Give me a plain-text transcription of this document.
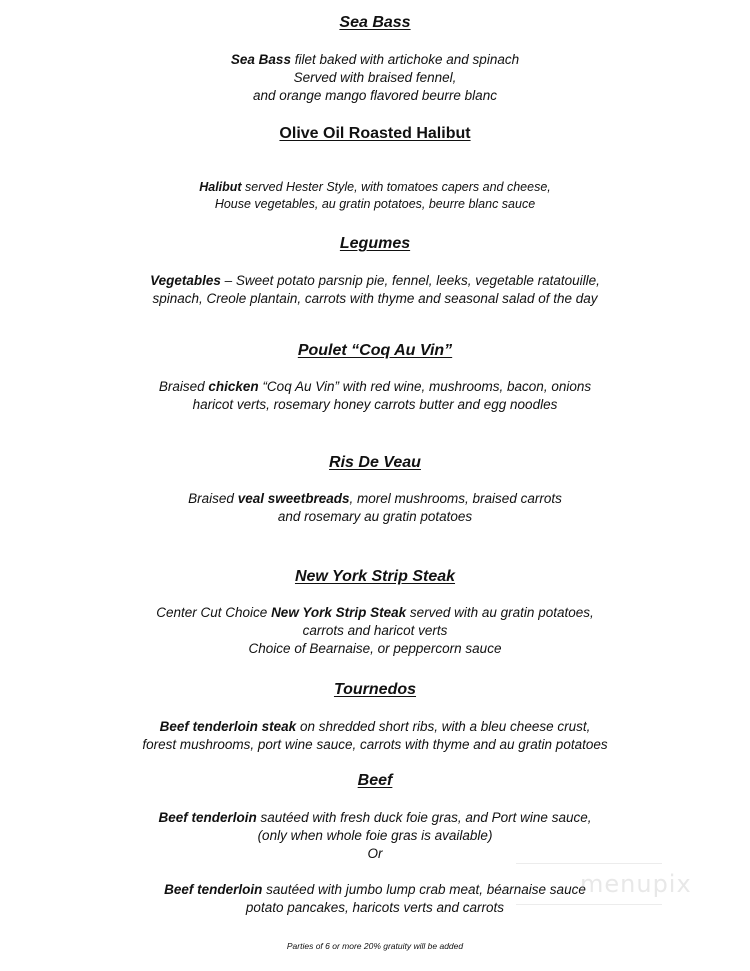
Sea Bass
Sea Bass filet baked with artichoke and spinach
Served with braised fennel,
and orange mango flavored beurre blanc
Olive Oil Roasted Halibut
Halibut served Hester Style, with tomatoes capers and cheese,
House vegetables, au gratin potatoes, beurre blanc sauce
Legumes
Vegetables – Sweet potato parsnip pie, fennel, leeks, vegetable ratatouille,
spinach, Creole plantain, carrots with thyme and seasonal salad of the day
Poulet “Coq Au Vin”
Braised chicken “Coq Au Vin” with red wine, mushrooms, bacon, onions
haricot verts, rosemary honey carrots butter and egg noodles
Ris De Veau
Braised veal sweetbreads, morel mushrooms, braised carrots
and rosemary au gratin potatoes
New York Strip Steak
Center Cut Choice New York Strip Steak served with au gratin potatoes,
carrots and haricot verts
Choice of Bearnaise, or peppercorn sauce
Tournedos
Beef tenderloin steak on shredded short ribs, with a bleu cheese crust,
forest mushrooms, port wine sauce, carrots with thyme and au gratin potatoes
Beef
Beef tenderloin sautéed with fresh duck foie gras, and Port wine sauce,
(only when whole foie gras is available)
Or
Beef tenderloin sautéed with jumbo lump crab meat, béarnaise sauce
potato pancakes, haricots verts and carrots
menupix

Parties of 6 or more 20% gratuity will be added
